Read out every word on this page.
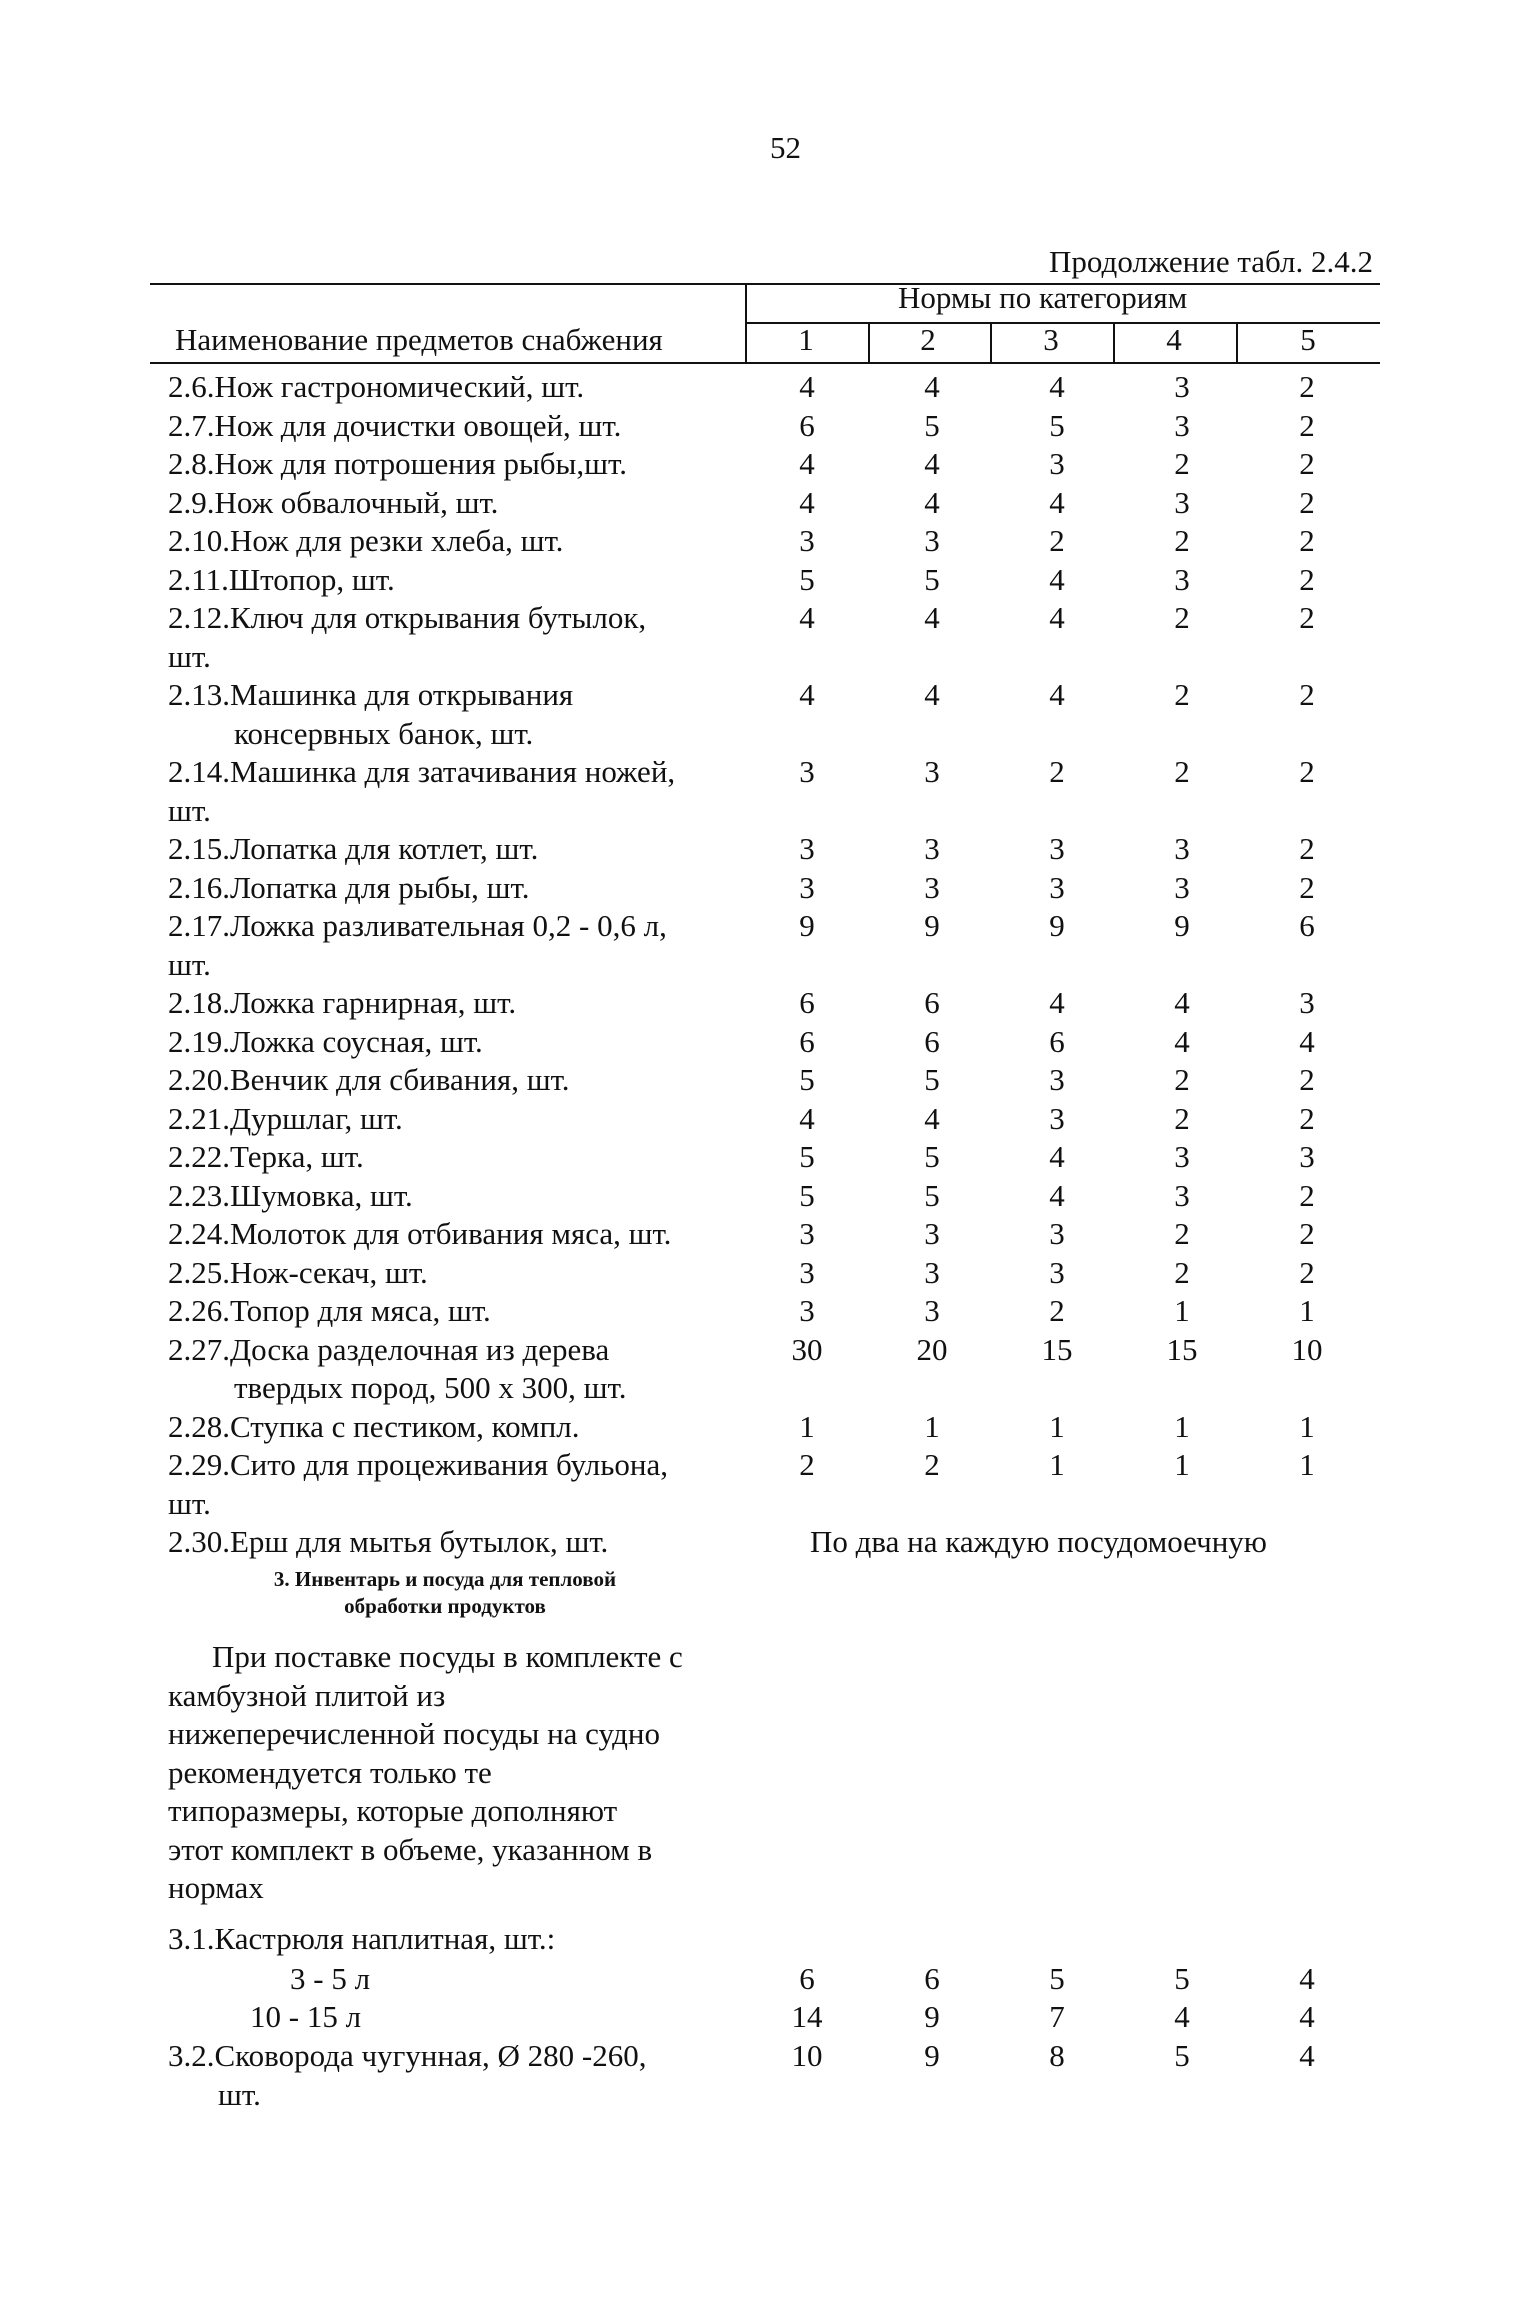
52
Продолжение табл. 2.4.2
Нормы по категориям
Наименование предметов снабжения	1	2	3	4	5
2.6.Нож гастрономический, шт.	4	4	4	3	2
2.7.Нож для дочистки овощей, шт.	6	5	5	3	2
2.8.Нож для потрошения рыбы,шт.	4	4	3	2	2
2.9.Нож обвалочный, шт.	4	4	4	3	2
2.10.Нож для резки хлеба, шт.	3	3	2	2	2
2.11.Штопор, шт.	5	5	4	3	2
2.12.Ключ для открывания бутылок,
шт.
4	4	4	2	2
2.13.Машинка для открывания
консервных банок, шт.
4	4	4	2	2
2.14.Машинка для затачивания ножей,
шт.
3	3	2	2	2
2.15.Лопатка для котлет, шт.	3	3	3	3	2
2.16.Лопатка для рыбы, шт.	3	3	3	3	2
2.17.Ложка разливательная 0,2 - 0,6 л,
шт.
9	9	9	9	6
2.18.Ложка гарнирная, шт.	6	6	4	4	3
2.19.Ложка соусная, шт.	6	6	6	4	4
2.20.Венчик для сбивания, шт.	5	5	3	2	2
2.21.Дуршлаг, шт.	4	4	3	2	2
2.22.Терка, шт.	5	5	4	3	3
2.23.Шумовка, шт.	5	5	4	3	2
2.24.Молоток для отбивания мяса, шт.	3	3	3	2	2
2.25.Нож-секач, шт.	3	3	3	2	2
2.26.Топор для мяса, шт.	3	3	2	1	1
2.27.Доска разделочная из дерева
твердых пород, 500 х 300, шт.
30	20	15	15	10
2.28.Ступка с пестиком, компл.	1	1	1	1	1
2.29.Сито для процеживания бульона,
шт.
2	2	1	1	1
2.30.Ерш для мытья бутылок, шт.	По два на каждую посудомоечную
3. Инвентарь и посуда для тепловой
обработки продуктов
При поставке посуды в комплекте с
камбузной плитой из
нижеперечисленной посуды на судно
рекомендуется только те
типоразмеры, которые дополняют
этот комплект в объеме, указанном в
нормах
3.1.Кастрюля наплитная, шт.:
3 - 5 л	6	6	5	5	4
10 - 15 л	14	9	7	4	4
3.2.Сковорода чугунная, Ø 280 -260,
шт.
10	9	8	5	4
